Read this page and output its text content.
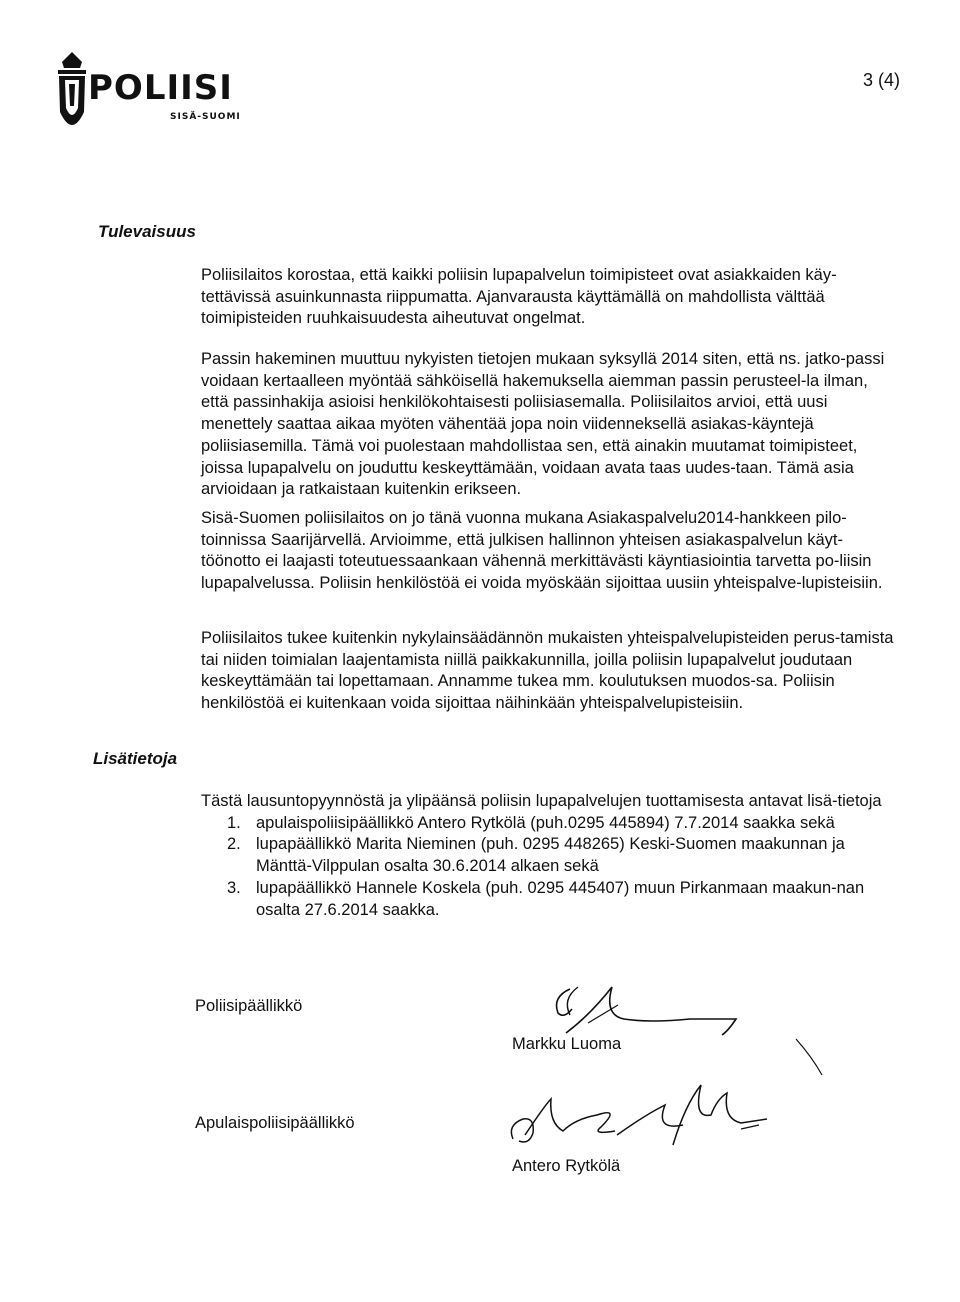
POLIISI
SISÄ-SUOMI
3 (4)
Tulevaisuus

Poliisilaitos korostaa, että kaikki poliisin lupapalvelun toimipisteet ovat asiakkaiden käy-tettävissä asuinkunnasta riippumatta. Ajanvarausta käyttämällä on mahdollista välttää toimipisteiden ruuhkaisuudesta aiheutuvat ongelmat.

Passin hakeminen muuttuu nykyisten tietojen mukaan syksyllä 2014 siten, että ns. jatko-passi voidaan kertaalleen myöntää sähköisellä hakemuksella aiemman passin perusteel-la ilman, että passinhakija asioisi henkilökohtaisesti poliisiasemalla. Poliisilaitos arvioi, että uusi menettely saattaa aikaa myöten vähentää jopa noin viidenneksellä asiakas-käyntejä poliisiasemilla. Tämä voi puolestaan mahdollistaa sen, että ainakin muutamat toimipisteet, joissa lupapalvelu on jouduttu keskeyttämään, voidaan avata taas uudes-taan. Tämä asia arvioidaan ja ratkaistaan kuitenkin erikseen.

Sisä-Suomen poliisilaitos on jo tänä vuonna mukana Asiakaspalvelu2014-hankkeen pilo-toinnissa Saarijärvellä. Arvioimme, että julkisen hallinnon yhteisen asiakaspalvelun käyt-töönotto ei laajasti toteutuessaankaan vähennä merkittävästi käyntiasiointia tarvetta po-liisin lupapalvelussa. Poliisin henkilöstöä ei voida myöskään sijoittaa uusiin yhteispalve-lupisteisiin.

Poliisilaitos tukee kuitenkin nykylainsäädännön mukaisten yhteispalvelupisteiden perus-tamista tai niiden toimialan laajentamista niillä paikkakunnilla, joilla poliisin lupapalvelut joudutaan keskeyttämään tai lopettamaan. Annamme tukea mm. koulutuksen muodos-sa. Poliisin henkilöstöä ei kuitenkaan voida sijoittaa näihinkään yhteispalvelupisteisiin.

Lisätietoja
Tästä lausuntopyynnöstä ja ylipäänsä poliisin lupapalvelujen tuottamisesta antavat lisä-tietoja
1. apulaispoliisipäällikkö Antero Rytkölä (puh.0295 445894) 7.7.2014 saakka sekä
2. lupapäällikkö Marita Nieminen (puh. 0295 448265) Keski-Suomen maakunnan ja Mänttä-Vilppulan osalta 30.6.2014 alkaen sekä
3. lupapäällikkö Hannele Koskela (puh. 0295 445407) muun Pirkanmaan maakun-nan osalta 27.6.2014 saakka.
Poliisipäällikkö
Markku Luoma
Apulaispoliisipäällikkö
Antero Rytkölä
